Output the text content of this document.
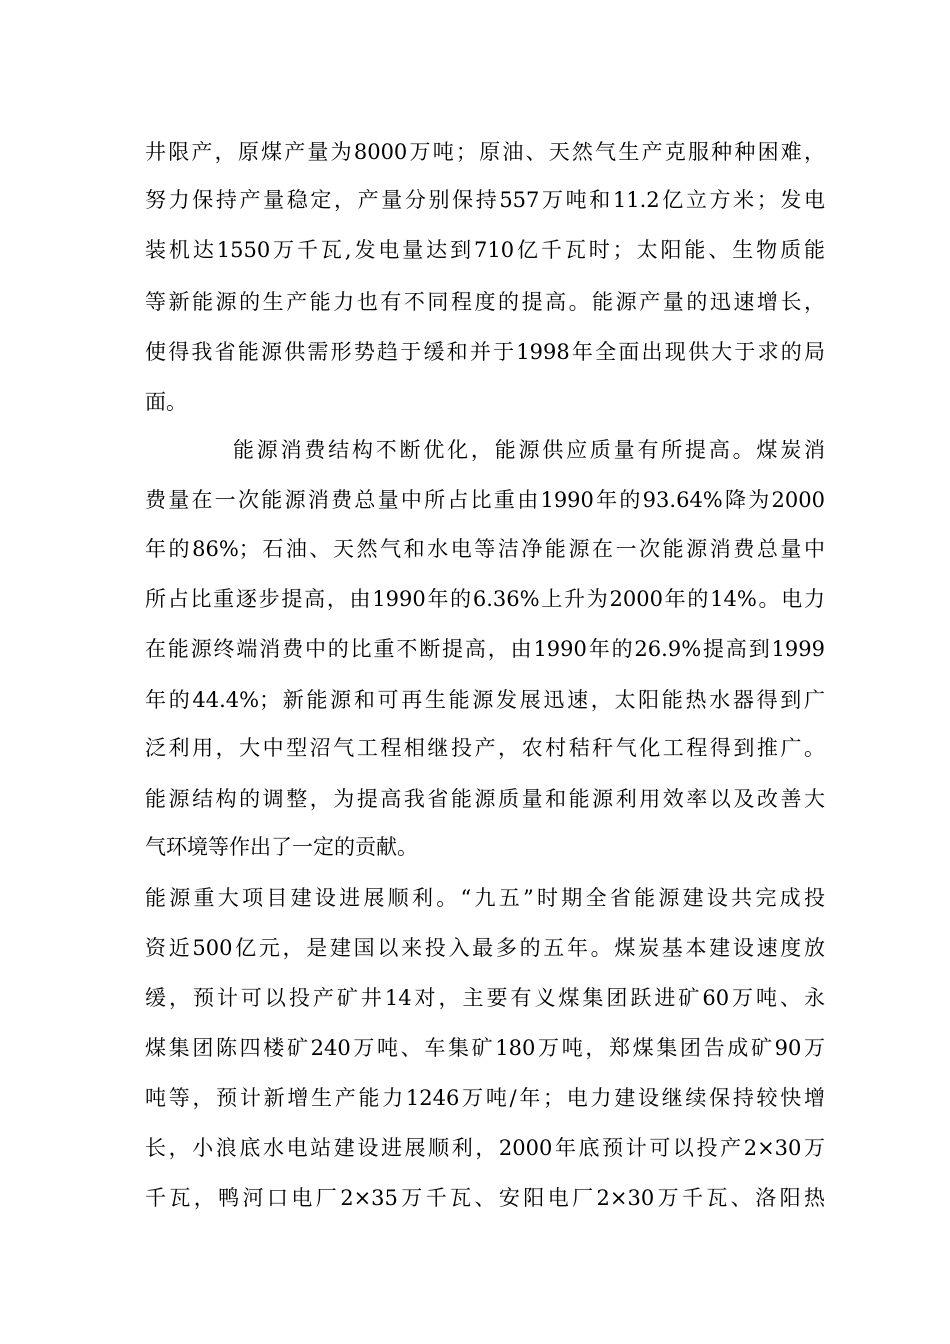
井限产，原煤产量为8000万吨；原油、天然气生产克服种种困难，
努力保持产量稳定，产量分别保持557万吨和11.2亿立方米；发电
装机达1550万千瓦,发电量达到710亿千瓦时；太阳能、生物质能
等新能源的生产能力也有不同程度的提高。能源产量的迅速增长，
使得我省能源供需形势趋于缓和并于1998年全面出现供大于求的局
面。
能源消费结构不断优化，能源供应质量有所提高。煤炭消
费量在一次能源消费总量中所占比重由1990年的93.64%降为2000
年的86%；石油、天然气和水电等洁净能源在一次能源消费总量中
所占比重逐步提高，由1990年的6.36%上升为2000年的14%。电力
在能源终端消费中的比重不断提高，由1990年的26.9%提高到1999
年的44.4%；新能源和可再生能源发展迅速，太阳能热水器得到广
泛利用，大中型沼气工程相继投产，农村秸秆气化工程得到推广。
能源结构的调整，为提高我省能源质量和能源利用效率以及改善大
气环境等作出了一定的贡献。
能源重大项目建设进展顺利。“九五”时期全省能源建设共完成投
资近500亿元，是建国以来投入最多的五年。煤炭基本建设速度放
缓，预计可以投产矿井14对，主要有义煤集团跃进矿60万吨、永
煤集团陈四楼矿240万吨、车集矿180万吨，郑煤集团告成矿90万
吨等，预计新增生产能力1246万吨/年；电力建设继续保持较快增
长，小浪底水电站建设进展顺利，2000年底预计可以投产2×30万
千瓦，鸭河口电厂2×35万千瓦、安阳电厂2×30万千瓦、洛阳热
